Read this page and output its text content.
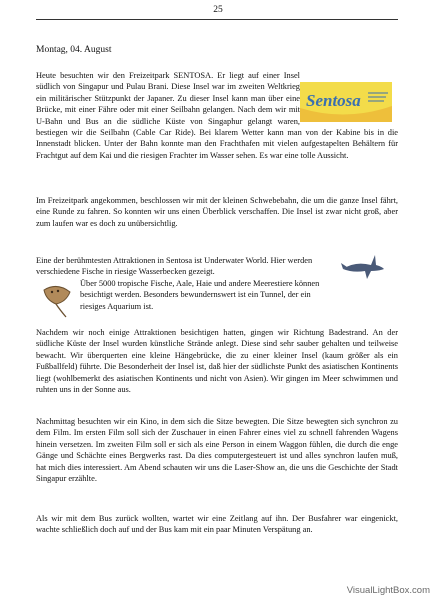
25
Montag, 04. August

Heute besuchten wir den Freizeitpark SENTOSA. Er liegt auf einer Insel südlich von Singapur und Pulau Brani. Diese Insel war im zweiten Weltkrieg ein militärischer Stützpunkt der Japaner. Zu dieser Insel kann man über eine Brücke, mit einer Fähre oder mit einer Seilbahn gelangen. Nach dem wir mit U-Bahn und Bus an die südliche Küste von Singaphur gelangt waren, bestiegen wir die Seilbahn (Cable Car Ride). Bei klarem Wetter kann man von der Kabine bis in die Innenstadt blicken. Unter der Bahn konnte man den Frachthafen mit vielen aufgestapelten Behältern für Frachtgut auf dem Kai und die riesigen Frachter im Wasser sehen. Es war eine tolle Aussicht.

Sentosa

Im Freizeitpark angekommen, beschlossen wir mit der kleinen Schwebebahn, die um die ganze Insel fährt, eine Runde zu fahren. So konnten wir uns einen Überblick verschaffen. Die Insel ist zwar nicht groß, aber zum laufen war es doch zu unübersichtlig.

Eine der berühmtesten Attraktionen in Sentosa ist Underwater World. Hier werden verschiedene Fische in riesige Wasserbecken gezeigt.

Über 5000 tropische Fische, Aale, Haie und andere Meerestiere können besichtigt werden. Besonders bewundernswert ist ein Tunnel, der ein riesiges Aquarium ist.

Nachdem wir noch einige Attraktionen besichtigen hatten, gingen wir Richtung Badestrand. An der südliche Küste der Insel wurden künstliche Strände anlegt. Diese sind sehr sauber gehalten und teilweise bewacht. Wir überquerten eine kleine Hängebrücke, die zu einer kleiner Insel (kaum größer als ein Fußballfeld) führte. Die Besonderheit der Insel ist, daß hier der südlichste Punkt des asiatischen Kontinents liegt (wohlbemerkt des asiatischen Kontinents und nicht von Asien). Wir gingen im Meer schwimmen und ruhten uns in der Sonne aus.

Nachmittag besuchten wir ein Kino, in dem sich die Sitze bewegten. Die Sitze bewegten sich synchron zu dem Film. Im ersten Film soll sich der Zuschauer in einen Fahrer eines viel zu schnell fahrenden Wagens hinein versetzen. Im zweiten Film soll er sich als eine Person in einem Waggon fühlen, die durch die enge Gänge und Schächte eines Bergwerks rast. Da dies computergesteuert ist und alles synchron laufen muß, hat mich dies interessiert. Am Abend schauten wir uns die Laser-Show an, die uns die Geschichte der Stadt Singapur erzählte.

Als wir mit dem Bus zurück wollten, wartet wir eine Zeitlang auf ihn. Der Busfahrer war eingenickt, wachte schließlich doch auf und der Bus kam mit ein paar Minuten Verspätung an.

VisualLightBox.com
